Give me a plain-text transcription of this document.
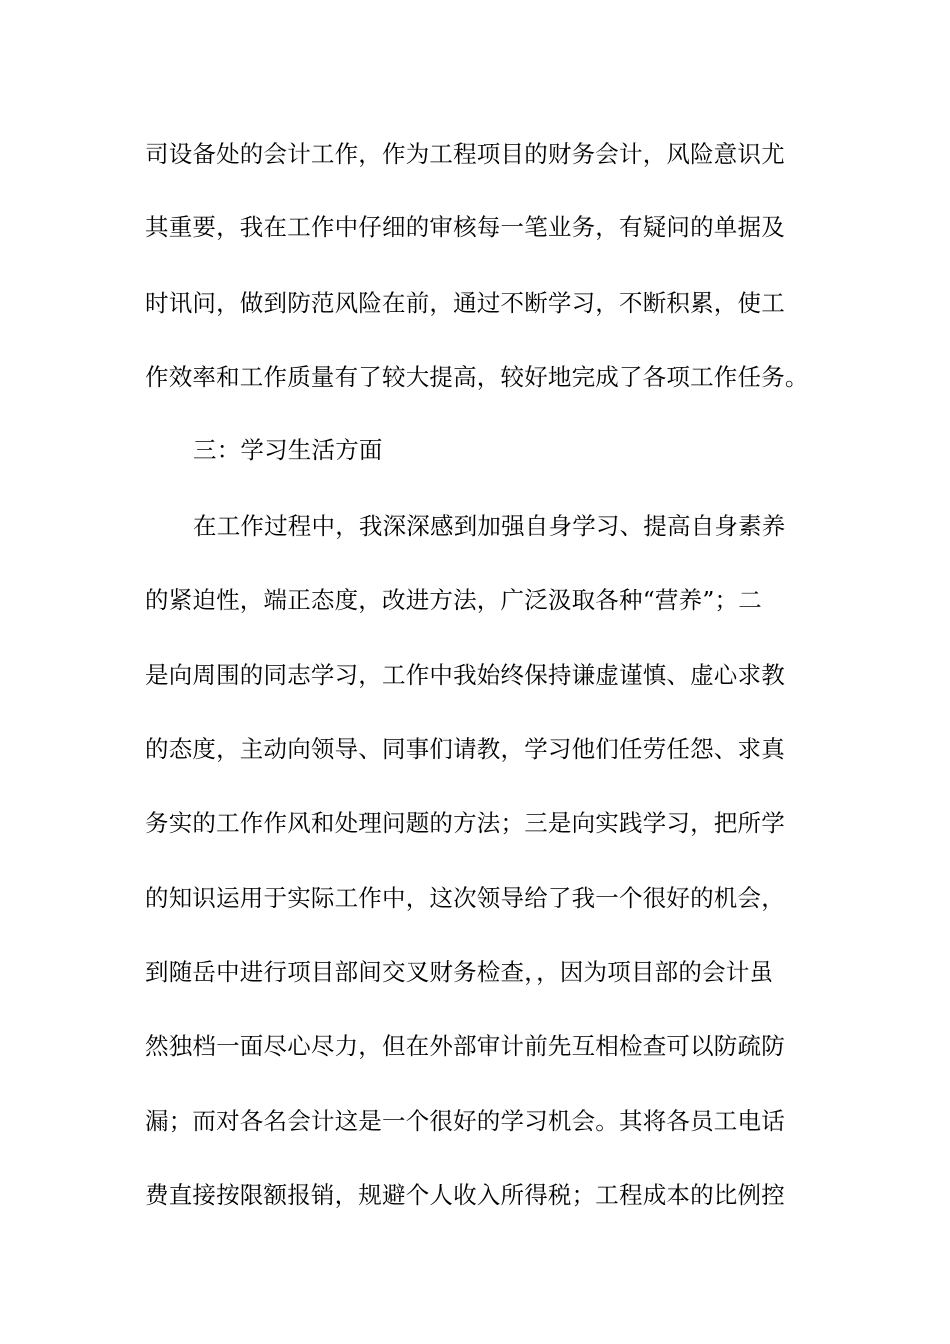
司设备处的会计工作，作为工程项目的财务会计，风险意识尤
其重要，我在工作中仔细的审核每一笔业务，有疑问的单据及
时讯问，做到防范风险在前，通过不断学习，不断积累，使工
作效率和工作质量有了较大提高，较好地完成了各项工作任务。
三：学习生活方面
在工作过程中，我深深感到加强自身学习、提高自身素养
的紧迫性，端正态度，改进方法，广泛汲取各种“营养”；二
是向周围的同志学习，工作中我始终保持谦虚谨慎、虚心求教
的态度，主动向领导、同事们请教，学习他们任劳任怨、求真
务实的工作作风和处理问题的方法；三是向实践学习，把所学
的知识运用于实际工作中，这次领导给了我一个很好的机会，
到随岳中进行项目部间交叉财务检查，，因为项目部的会计虽
然独档一面尽心尽力，但在外部审计前先互相检查可以防疏防
漏；而对各名会计这是一个很好的学习机会。其将各员工电话
费直接按限额报销，规避个人收入所得税；工程成本的比例控
